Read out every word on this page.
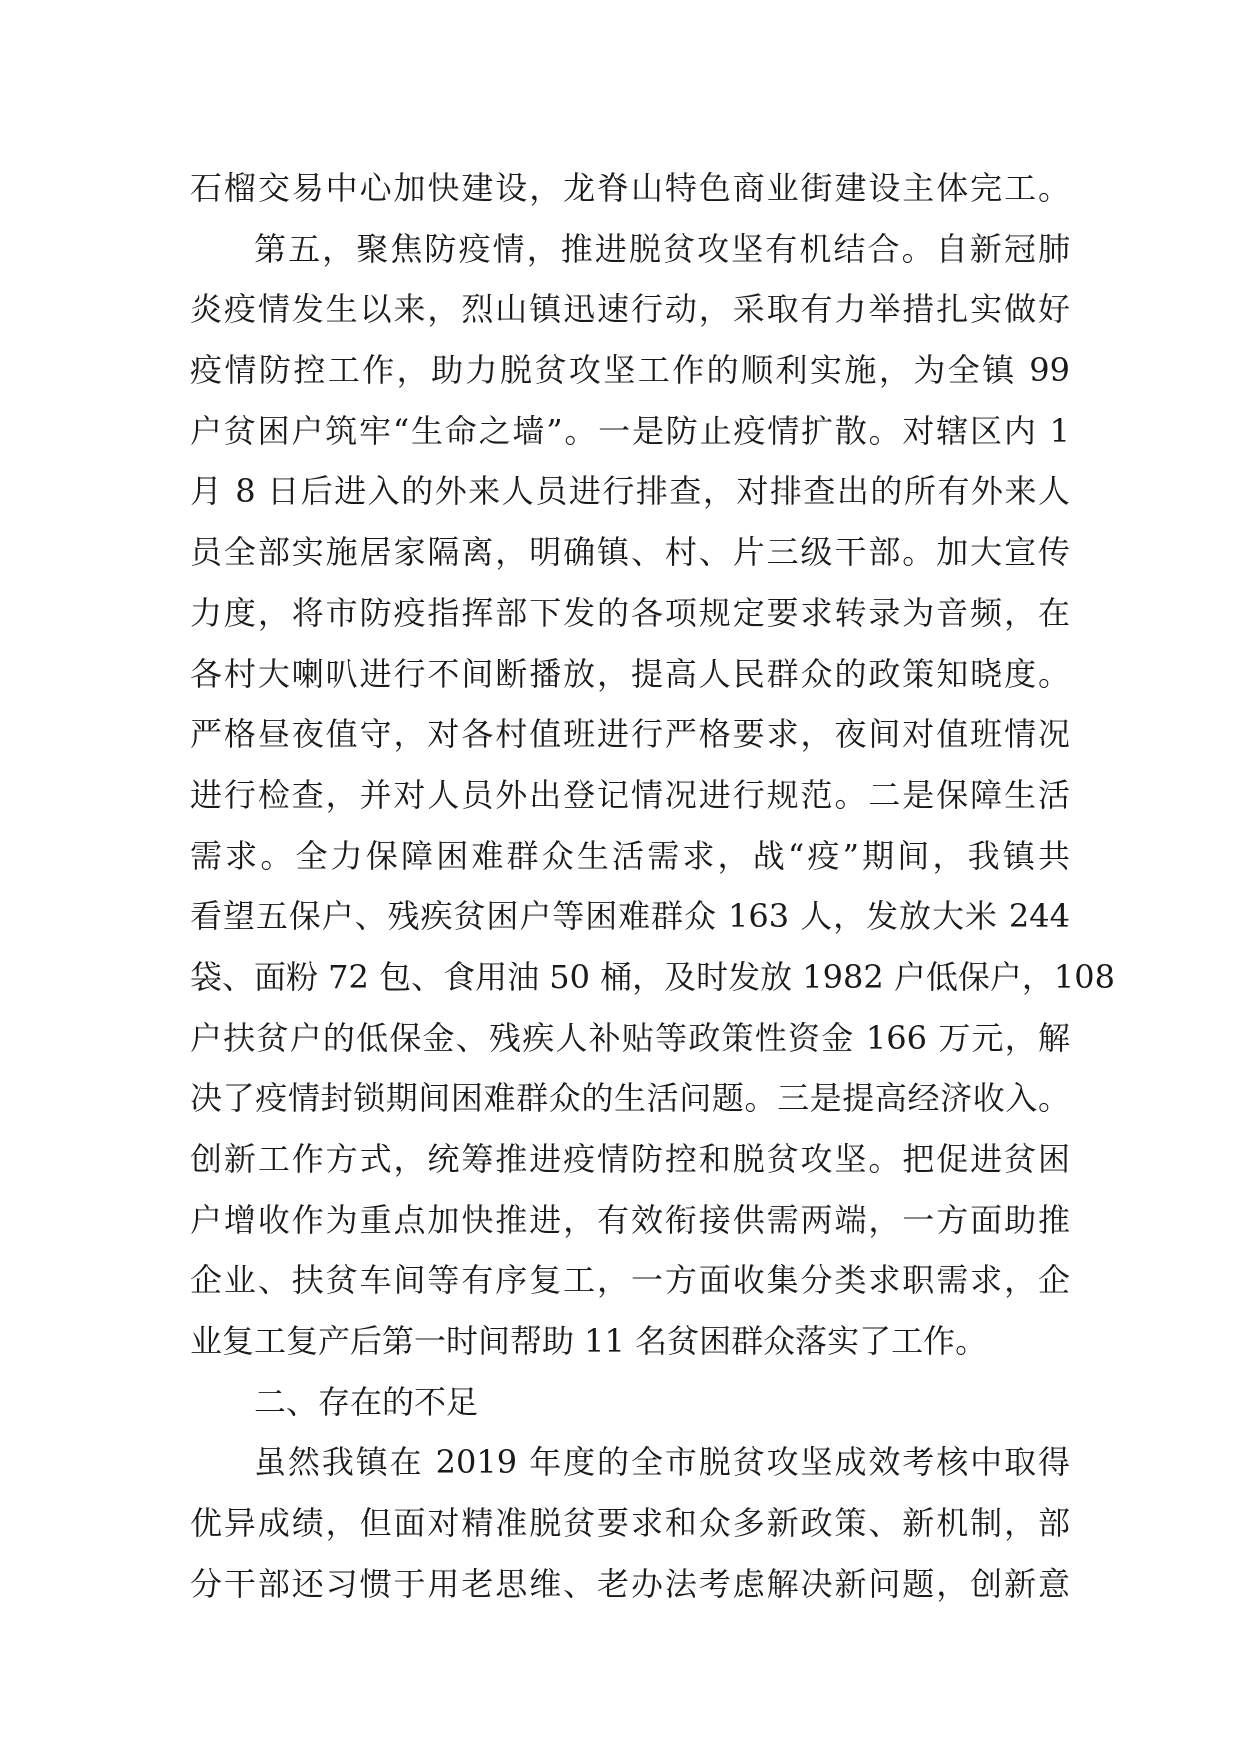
石榴交易中心加快建设，龙脊山特色商业街建设主体完工。
第五，聚焦防疫情，推进脱贫攻坚有机结合。自新冠肺
炎疫情发生以来，烈山镇迅速行动，采取有力举措扎实做好
疫情防控工作，助力脱贫攻坚工作的顺利实施，为全镇 99
户贫困户筑牢“生命之墙”。一是防止疫情扩散。对辖区内 1
月 8 日后进入的外来人员进行排查，对排查出的所有外来人
员全部实施居家隔离，明确镇、村、片三级干部。加大宣传
力度，将市防疫指挥部下发的各项规定要求转录为音频，在
各村大喇叭进行不间断播放，提高人民群众的政策知晓度。
严格昼夜值守，对各村值班进行严格要求，夜间对值班情况
进行检查，并对人员外出登记情况进行规范。二是保障生活
需求。全力保障困难群众生活需求，战“疫”期间，我镇共
看望五保户、残疾贫困户等困难群众 163 人，发放大米 244
袋、面粉 72 包、食用油 50 桶，及时发放 1982 户低保户，108
户扶贫户的低保金、残疾人补贴等政策性资金 166 万元，解
决了疫情封锁期间困难群众的生活问题。三是提高经济收入。
创新工作方式，统筹推进疫情防控和脱贫攻坚。把促进贫困
户增收作为重点加快推进，有效衔接供需两端，一方面助推
企业、扶贫车间等有序复工，一方面收集分类求职需求，企
业复工复产后第一时间帮助 11 名贫困群众落实了工作。
二、存在的不足
虽然我镇在 2019 年度的全市脱贫攻坚成效考核中取得
优异成绩，但面对精准脱贫要求和众多新政策、新机制，部
分干部还习惯于用老思维、老办法考虑解决新问题，创新意
